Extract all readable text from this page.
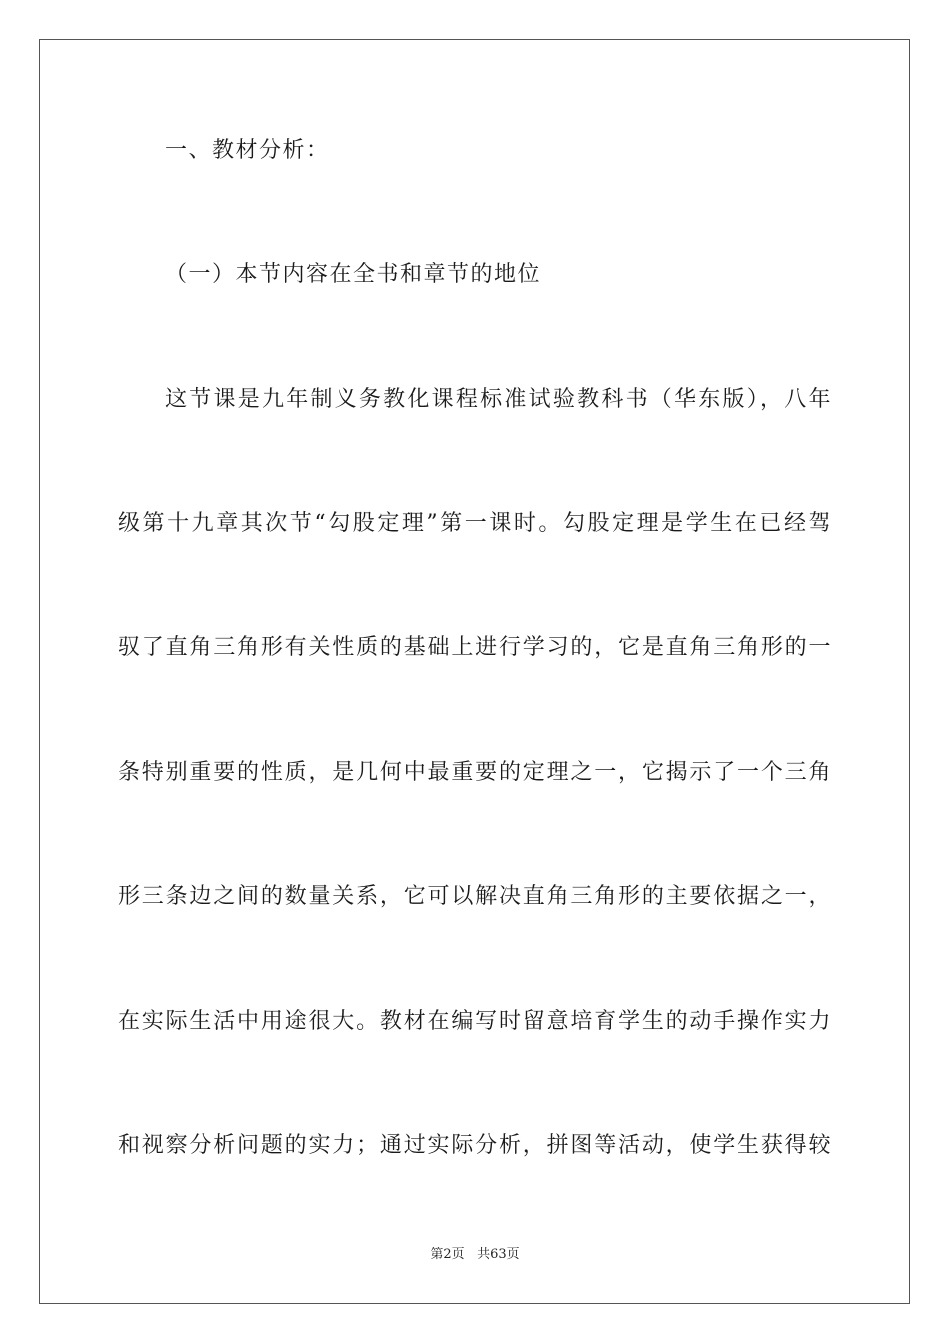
一、教材分析：
（一）本节内容在全书和章节的地位
这节课是九年制义务教化课程标准试验教科书（华东版），八年
级第十九章其次节“勾股定理”第一课时。勾股定理是学生在已经驾
驭了直角三角形有关性质的基础上进行学习的，它是直角三角形的一
条特别重要的性质，是几何中最重要的定理之一，它揭示了一个三角
形三条边之间的数量关系，它可以解决直角三角形的主要依据之一，
在实际生活中用途很大。教材在编写时留意培育学生的动手操作实力
和视察分析问题的实力；通过实际分析，拼图等活动，使学生获得较
第2页 共63页
